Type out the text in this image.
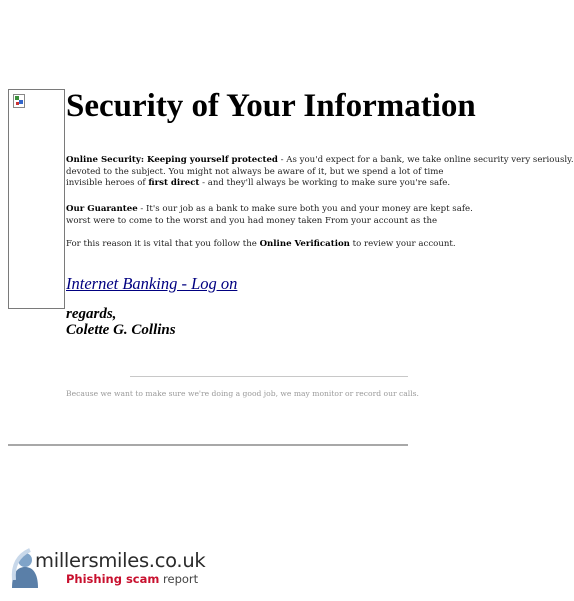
Security of Your Information
Online Security: Keeping yourself protected - As you'd expect for a bank, we take online security very seriously.
devoted to the subject. You might not always be aware of it, but we spend a lot of time
invisible heroes of first direct - and they'll always be working to make sure you're safe.
Our Guarantee - It's our job as a bank to make sure both you and your money are kept safe.
worst were to come to the worst and you had money taken From your account as the
For this reason it is vital that you follow the Online Verification to review your account.
Internet Banking - Log on
regards,
Colette G. Collins
Because we want to make sure we're doing a good job, we may monitor or record our calls.
millersmiles.co.uk
Phishing scam report
